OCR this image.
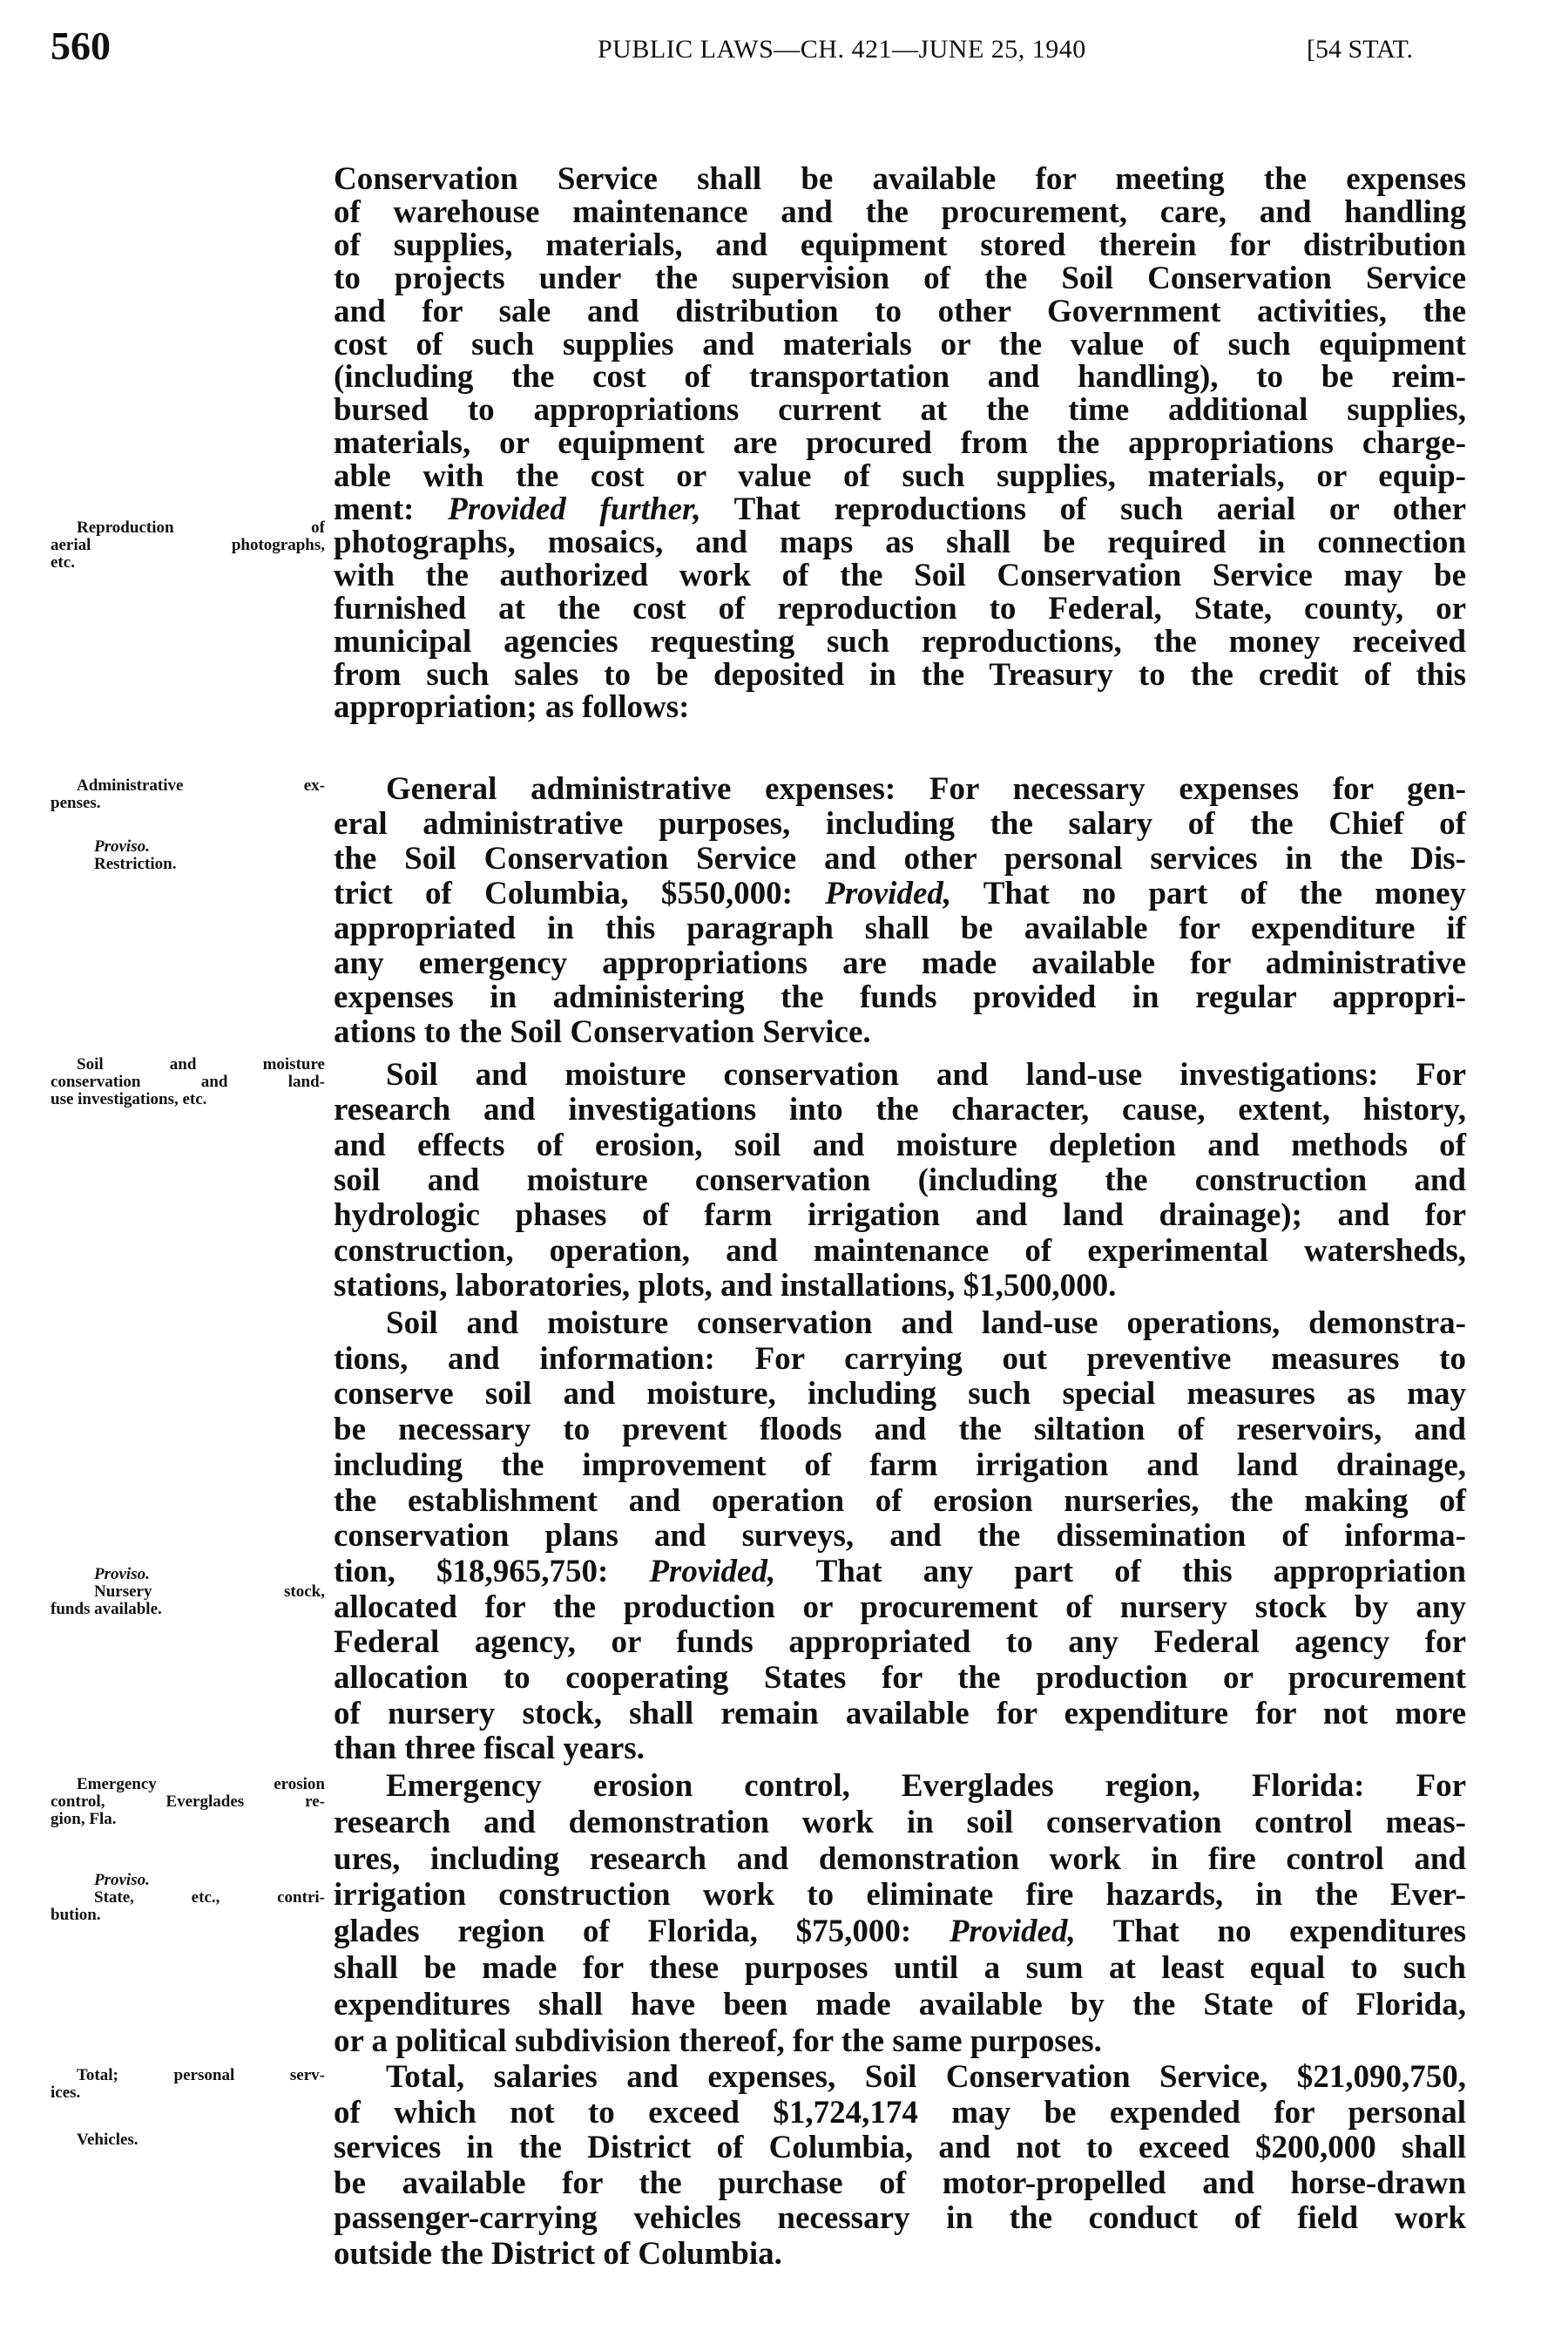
560	PUBLIC LAWS—CH. 421—JUNE 25, 1940	[54 STAT.
Reproduction of
aerial photographs,
etc.
Administrative ex-
penses.
Proviso.
Restriction.
Soil and moisture
conservation and land-
use investigations, etc.
Proviso.
Nursery stock,
funds available.
Emergency erosion
control, Everglades re-
gion, Fla.
Proviso.
State, etc., contri-
bution.
Total; personal serv-
ices.
Vehicles.
Conservation Service shall be available for meeting the expenses
of warehouse maintenance and the procurement, care, and handling
of supplies, materials, and equipment stored therein for distribution
to projects under the supervision of the Soil Conservation Service
and for sale and distribution to other Government activities, the
cost of such supplies and materials or the value of such equipment
(including the cost of transportation and handling), to be reim-
bursed to appropriations current at the time additional supplies,
materials, or equipment are procured from the appropriations charge-
able with the cost or value of such supplies, materials, or equip-
ment: Provided further, That reproductions of such aerial or other
photographs, mosaics, and maps as shall be required in connection
with the authorized work of the Soil Conservation Service may be
furnished at the cost of reproduction to Federal, State, county, or
municipal agencies requesting such reproductions, the money received
from such sales to be deposited in the Treasury to the credit of this
appropriation; as follows:
General administrative expenses: For necessary expenses for gen-
eral administrative purposes, including the salary of the Chief of
the Soil Conservation Service and other personal services in the Dis-
trict of Columbia, $550,000: Provided, That no part of the money
appropriated in this paragraph shall be available for expenditure if
any emergency appropriations are made available for administrative
expenses in administering the funds provided in regular appropri-
ations to the Soil Conservation Service.
Soil and moisture conservation and land-use investigations: For
research and investigations into the character, cause, extent, history,
and effects of erosion, soil and moisture depletion and methods of
soil and moisture conservation (including the construction and
hydrologic phases of farm irrigation and land drainage); and for
construction, operation, and maintenance of experimental watersheds,
stations, laboratories, plots, and installations, $1,500,000.
Soil and moisture conservation and land-use operations, demonstra-
tions, and information: For carrying out preventive measures to
conserve soil and moisture, including such special measures as may
be necessary to prevent floods and the siltation of reservoirs, and
including the improvement of farm irrigation and land drainage,
the establishment and operation of erosion nurseries, the making of
conservation plans and surveys, and the dissemination of informa-
tion, $18,965,750: Provided, That any part of this appropriation
allocated for the production or procurement of nursery stock by any
Federal agency, or funds appropriated to any Federal agency for
allocation to cooperating States for the production or procurement
of nursery stock, shall remain available for expenditure for not more
than three fiscal years.
Emergency erosion control, Everglades region, Florida: For
research and demonstration work in soil conservation control meas-
ures, including research and demonstration work in fire control and
irrigation construction work to eliminate fire hazards, in the Ever-
glades region of Florida, $75,000: Provided, That no expenditures
shall be made for these purposes until a sum at least equal to such
expenditures shall have been made available by the State of Florida,
or a political subdivision thereof, for the same purposes.
Total, salaries and expenses, Soil Conservation Service, $21,090,750,
of which not to exceed $1,724,174 may be expended for personal
services in the District of Columbia, and not to exceed $200,000 shall
be available for the purchase of motor-propelled and horse-drawn
passenger-carrying vehicles necessary in the conduct of field work
outside the District of Columbia.
